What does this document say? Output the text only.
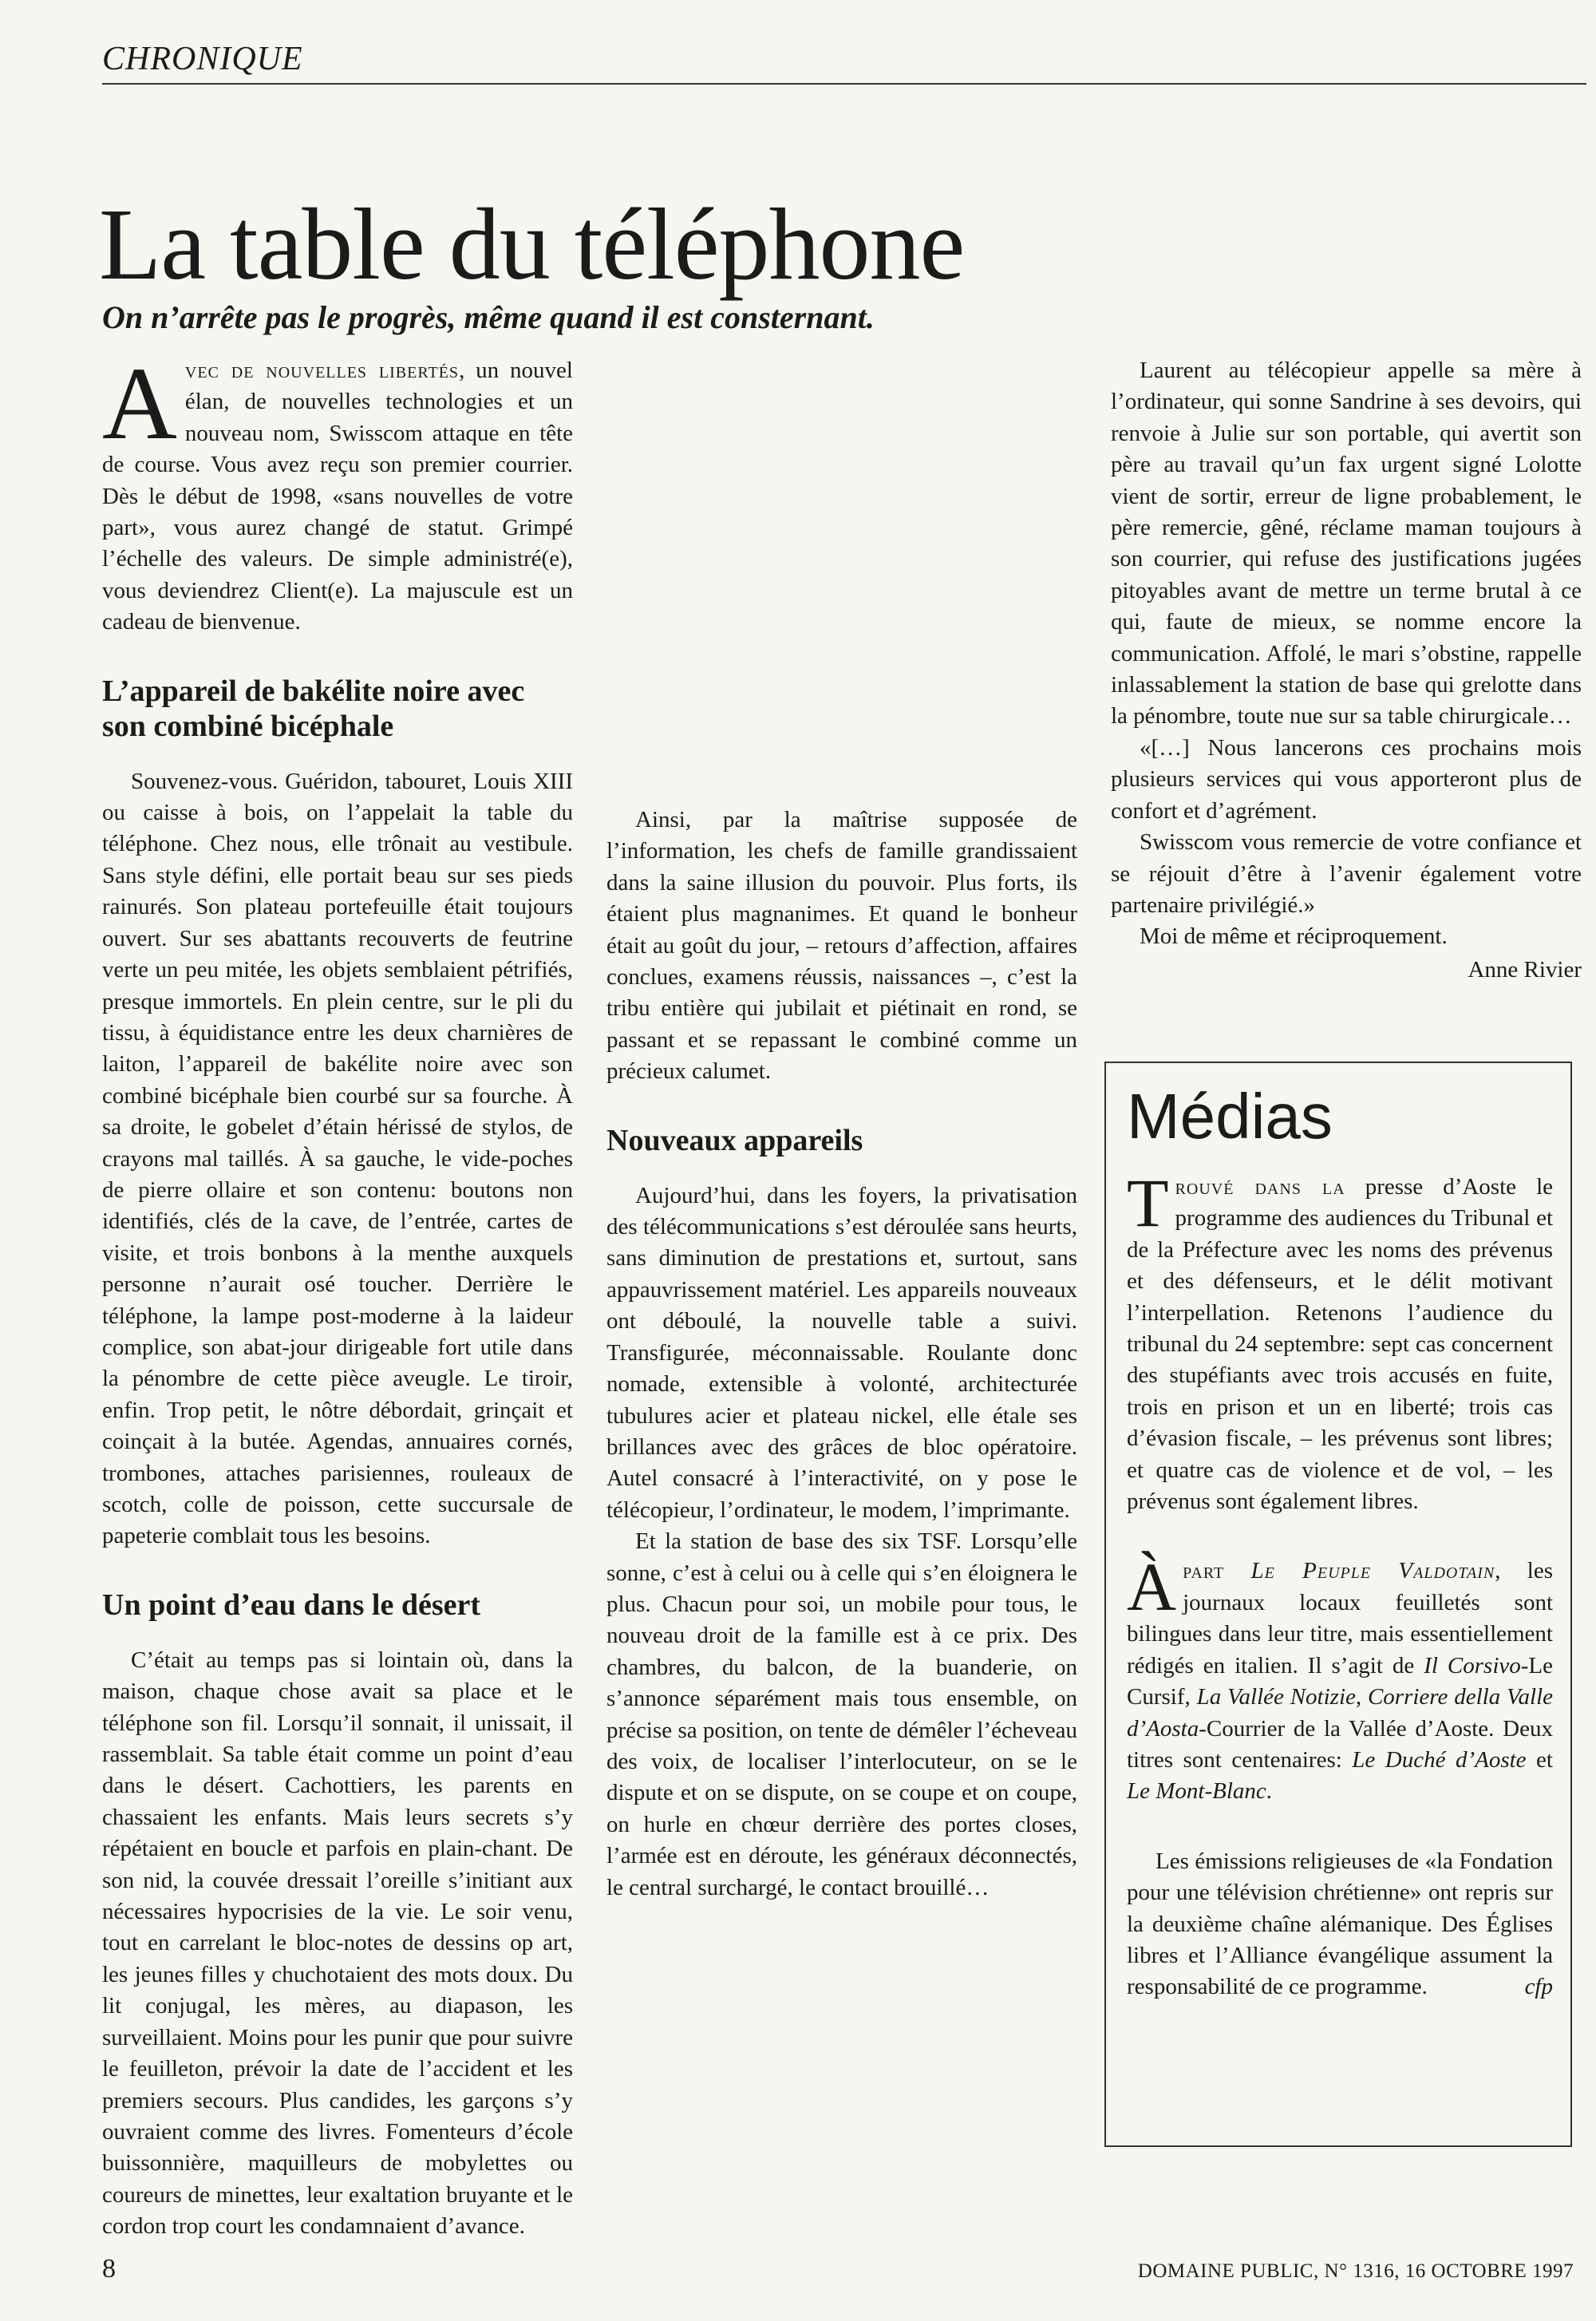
CHRONIQUE
La table du téléphone
On n’arrête pas le progrès, même quand il est consternant.

Avec de nouvelles libertés, un nouvel élan, de nouvelles technologies et un nouveau nom, Swisscom attaque en tête de course. Vous avez reçu son premier courrier. Dès le début de 1998, «sans nouvelles de votre part», vous aurez changé de statut. Grimpé l’échelle des valeurs. De simple administré(e), vous deviendrez Client(e). La majuscule est un cadeau de bienvenue.

L’appareil de bakélite noire avec son combiné bicéphale

Souvenez-vous. Guéridon, tabouret, Louis XIII ou caisse à bois, on l’appelait la table du téléphone. Chez nous, elle trônait au vestibule. Sans style défini, elle portait beau sur ses pieds rainurés. Son plateau portefeuille était toujours ouvert. Sur ses abattants recouverts de feutrine verte un peu mitée, les objets semblaient pétrifiés, presque immortels. En plein centre, sur le pli du tissu, à équidistance entre les deux charnières de laiton, l’appareil de bakélite noire avec son combiné bicéphale bien courbé sur sa fourche. À sa droite, le gobelet d’étain hérissé de stylos, de crayons mal taillés. À sa gauche, le vide-poches de pierre ollaire et son contenu: boutons non identifiés, clés de la cave, de l’entrée, cartes de visite, et trois bonbons à la menthe auxquels personne n’aurait osé toucher. Derrière le téléphone, la lampe post-moderne à la laideur complice, son abat-jour dirigeable fort utile dans la pénombre de cette pièce aveugle. Le tiroir, enfin. Trop petit, le nôtre débordait, grinçait et coinçait à la butée. Agendas, annuaires cornés, trombones, attaches parisiennes, rouleaux de scotch, colle de poisson, cette succursale de papeterie comblait tous les besoins.

Un point d’eau dans le désert

C’était au temps pas si lointain où, dans la maison, chaque chose avait sa place et le téléphone son fil. Lorsqu’il sonnait, il unissait, il rassemblait. Sa table était comme un point d’eau dans le désert. Cachottiers, les parents en chassaient les enfants. Mais leurs secrets s’y répétaient en boucle et parfois en plain-chant. De son nid, la couvée dressait l’oreille s’initiant aux nécessaires hypocrisies de la vie. Le soir venu, tout en carrelant le bloc-notes de dessins op art, les jeunes filles y chuchotaient des mots doux. Du lit conjugal, les mères, au diapason, les surveillaient. Moins pour les punir que pour suivre le feuilleton, prévoir la date de l’accident et les premiers secours. Plus candides, les garçons s’y ouvraient comme des livres. Fomenteurs d’école buissonnière, maquilleurs de mobylettes ou coureurs de minettes, leur exaltation bruyante et le cordon trop court les condamnaient d’avance.

Ainsi, par la maîtrise supposée de l’information, les chefs de famille grandissaient dans la saine illusion du pouvoir. Plus forts, ils étaient plus magnanimes. Et quand le bonheur était au goût du jour, – retours d’affection, affaires conclues, examens réussis, naissances –, c’est la tribu entière qui jubilait et piétinait en rond, se passant et se repassant le combiné comme un précieux calumet.

Nouveaux appareils

Aujourd’hui, dans les foyers, la privatisation des télécommunications s’est déroulée sans heurts, sans diminution de prestations et, surtout, sans appauvrissement matériel. Les appareils nouveaux ont déboulé, la nouvelle table a suivi. Transfigurée, méconnaissable. Roulante donc nomade, extensible à volonté, architecturée tubulures acier et plateau nickel, elle étale ses brillances avec des grâces de bloc opératoire. Autel consacré à l’interactivité, on y pose le télécopieur, l’ordinateur, le modem, l’imprimante.

Et la station de base des six TSF. Lorsqu’elle sonne, c’est à celui ou à celle qui s’en éloignera le plus. Chacun pour soi, un mobile pour tous, le nouveau droit de la famille est à ce prix. Des chambres, du balcon, de la buanderie, on s’annonce séparément mais tous ensemble, on précise sa position, on tente de démêler l’écheveau des voix, de localiser l’interlocuteur, on se le dispute et on se dispute, on se coupe et on coupe, on hurle en chœur derrière des portes closes, l’armée est en déroute, les généraux déconnectés, le central surchargé, le contact brouillé…

Laurent au télécopieur appelle sa mère à l’ordinateur, qui sonne Sandrine à ses devoirs, qui renvoie à Julie sur son portable, qui avertit son père au travail qu’un fax urgent signé Lolotte vient de sortir, erreur de ligne probablement, le père remercie, gêné, réclame maman toujours à son courrier, qui refuse des justifications jugées pitoyables avant de mettre un terme brutal à ce qui, faute de mieux, se nomme encore la communication. Affolé, le mari s’obstine, rappelle inlassablement la station de base qui grelotte dans la pénombre, toute nue sur sa table chirurgicale…

«[…] Nous lancerons ces prochains mois plusieurs services qui vous apporteront plus de confort et d’agrément.

Swisscom vous remercie de votre confiance et se réjouit d’être à l’avenir également votre partenaire privilégié.»

Moi de même et réciproquement.

Anne Rivier
Médias

Trouvé dans la presse d’Aoste le programme des audiences du Tribunal et de la Préfecture avec les noms des prévenus et des défenseurs, et le délit motivant l’interpellation. Retenons l’audience du tribunal du 24 septembre: sept cas concernent des stupéfiants avec trois accusés en fuite, trois en prison et un en liberté; trois cas d’évasion fiscale, – les prévenus sont libres; et quatre cas de violence et de vol, – les prévenus sont également libres.

Àpart Le Peuple Valdotain, les journaux locaux feuilletés sont bilingues dans leur titre, mais essentiellement rédigés en italien. Il s’agit de Il Corsivo-Le Cursif, La Vallée Notizie, Corriere della Valle d’Aosta-Courrier de la Vallée d’Aoste. Deux titres sont centenaires: Le Duché d’Aoste et Le Mont-Blanc.

Les émissions religieuses de «la Fondation pour une télévision chrétienne» ont repris sur la deuxième chaîne alémanique. Des Églises libres et l’Alliance évangélique assument la responsabilité de ce programme.	cfp

8	DOMAINE PUBLIC, N° 1316, 16 OCTOBRE 1997
